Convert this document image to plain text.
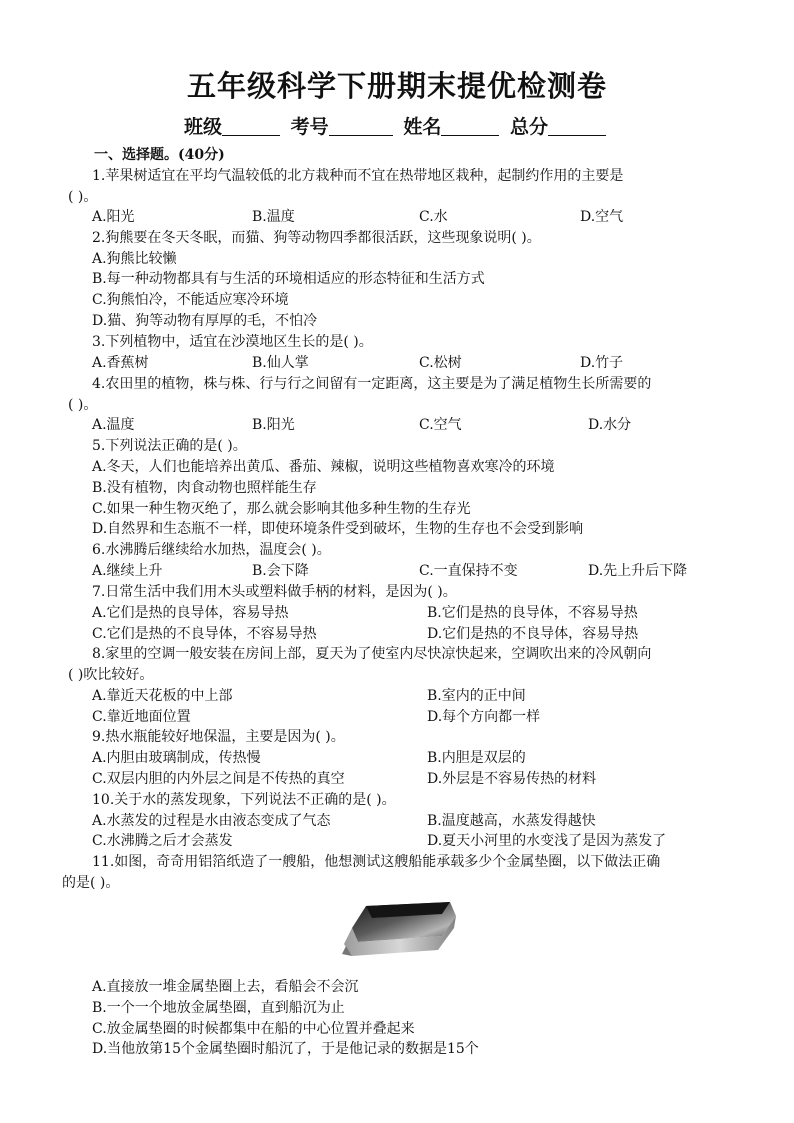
五年级科学下册期末提优检测卷
班级	考号	姓名	总分
一、选择题。(40分)
1.苹果树适宜在平均气温较低的北方栽种而不宜在热带地区栽种，起制约作用的主要是
( )。
A.阳光	B.温度	C.水	D.空气
2.狗熊要在冬天冬眠，而猫、狗等动物四季都很活跃，这些现象说明( )。
A.狗熊比较懒
B.每一种动物都具有与生活的环境相适应的形态特征和生活方式
C.狗熊怕冷，不能适应寒冷环境
D.猫、狗等动物有厚厚的毛，不怕冷
3.下列植物中，适宜在沙漠地区生长的是( )。
A.香蕉树	B.仙人掌	C.松树	D.竹子
4.农田里的植物，株与株、行与行之间留有一定距离，这主要是为了满足植物生长所需要的
( )。
A.温度	B.阳光	C.空气	D.水分
5.下列说法正确的是( )。
A.冬天，人们也能培养出黄瓜、番茄、辣椒，说明这些植物喜欢寒冷的环境
B.没有植物，肉食动物也照样能生存
C.如果一种生物灭绝了，那么就会影响其他多种生物的生存光
D.自然界和生态瓶不一样，即使环境条件受到破坏，生物的生存也不会受到影响
6.水沸腾后继续给水加热，温度会( )。
A.继续上升	B.会下降	C.一直保持不变	D.先上升后下降
7.日常生活中我们用木头或塑料做手柄的材料，是因为( )。
A.它们是热的良导体，容易导热	B.它们是热的良导体，不容易导热
C.它们是热的不良导体，不容易导热	D.它们是热的不良导体，容易导热
8.家里的空调一般安装在房间上部，夏天为了使室内尽快凉快起来，空调吹出来的冷风朝向
( )吹比较好。
A.靠近天花板的中上部	B.室内的正中间
C.靠近地面位置	D.每个方向都一样
9.热水瓶能较好地保温，主要是因为( )。
A.内胆由玻璃制成，传热慢	B.内胆是双层的
C.双层内胆的内外层之间是不传热的真空	D.外层是不容易传热的材料
10.关于水的蒸发现象，下列说法不正确的是( )。
A.水蒸发的过程是水由液态变成了气态	B.温度越高，水蒸发得越快
C.水沸腾之后才会蒸发	D.夏天小河里的水变浅了是因为蒸发了
11.如图，奇奇用铝箔纸造了一艘船，他想测试这艘船能承载多少个金属垫圈，以下做法正确
的是( )。
A.直接放一堆金属垫圈上去，看船会不会沉
B.一个一个地放金属垫圈，直到船沉为止
C.放金属垫圈的时候都集中在船的中心位置并叠起来
D.当他放第15个金属垫圈时船沉了，于是他记录的数据是15个
